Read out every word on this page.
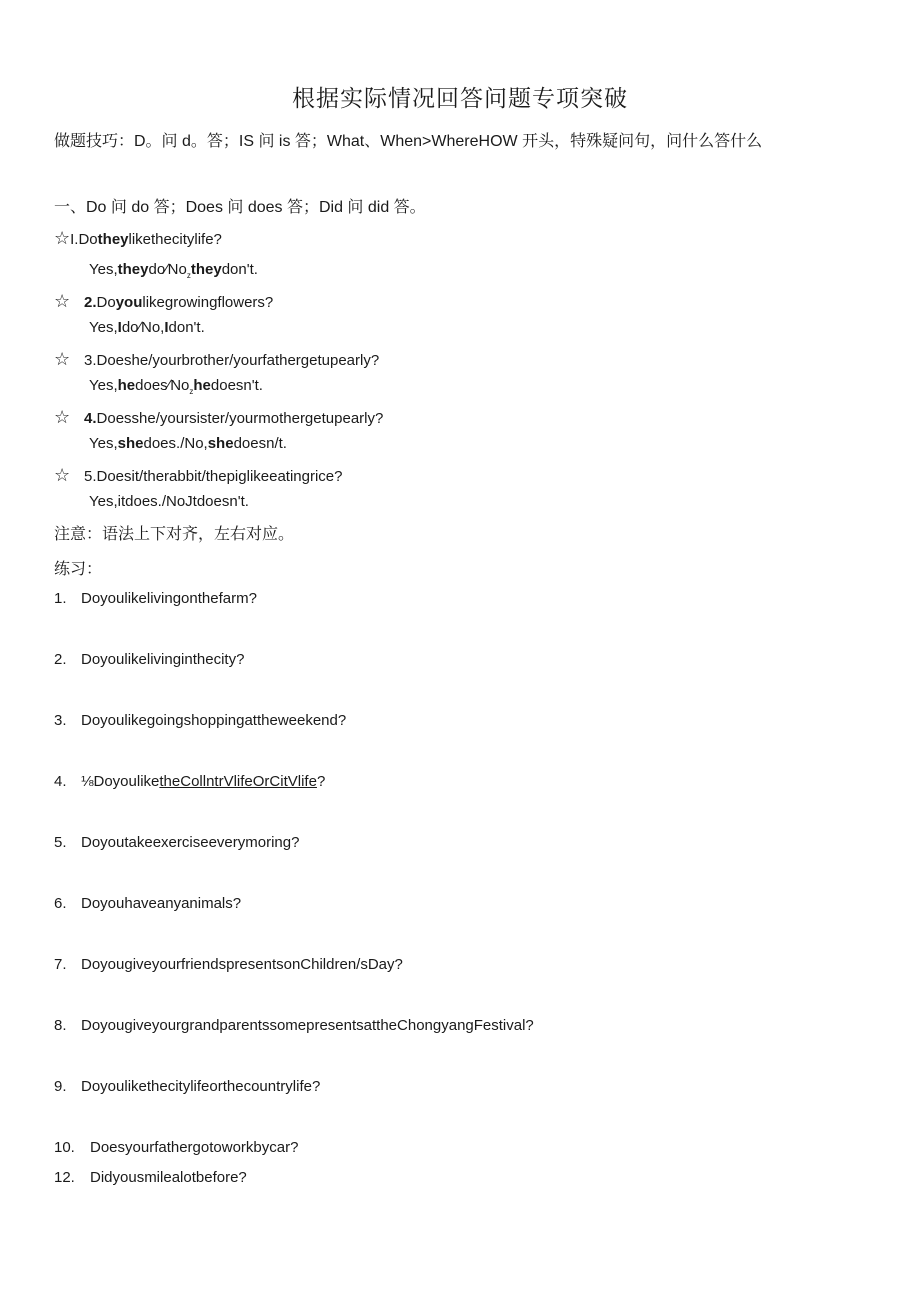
根据实际情况回答问题专项突破
做题技巧：D。问 d。答；IS 问 is 答；What、When>WhereHOW 开头，特殊疑问句，问什么答什么
一、Do 问 do 答；Does 问 does 答；Did 问 did 答。
☆I.Dotheylikethecitylife?
$Yes,theydo∕No_ztheydon't$.
☆ 2.Doyoulikegrowingflowers?
Yes,Ido∕No,Idon't.
☆ 3.Doeshe/yourbrother/yourfathergetupearly?
$Yes,hedoes∕No_zhedoesn't$.
☆ 4.Doesshe/yoursister/yourmothergetupearly?
Yes,shedoes./No,shedoesn/t.
☆ 5.Doesit/therabbit/thepiglikeeatingrice?
Yes,itdoes./NoJtdoesn't.
注意：语法上下对齐，左右对应。
练习：
1. Doyoulikelivingonthefarm?
2. Doyoulikelivinginthecity?
3. Doyoulikegoingshoppingattheweekend?
4. ⅛DoyouliketheCollntrVlifeOrCitVlife?
5. Doyoutakeexerciseeverymoring?
6. Doyouhaveanyanimals?
7. DoyougiveyourfriendspresentsonChildren/sDay?
8. DoyougiveyourgrandparentssomepresentsattheChongyangFestival?
9. Doyoulikethecitylifeorthecountrylife?
10. Doesyourfathergotoworkbycar?
12. Didyousmilealotbefore?
